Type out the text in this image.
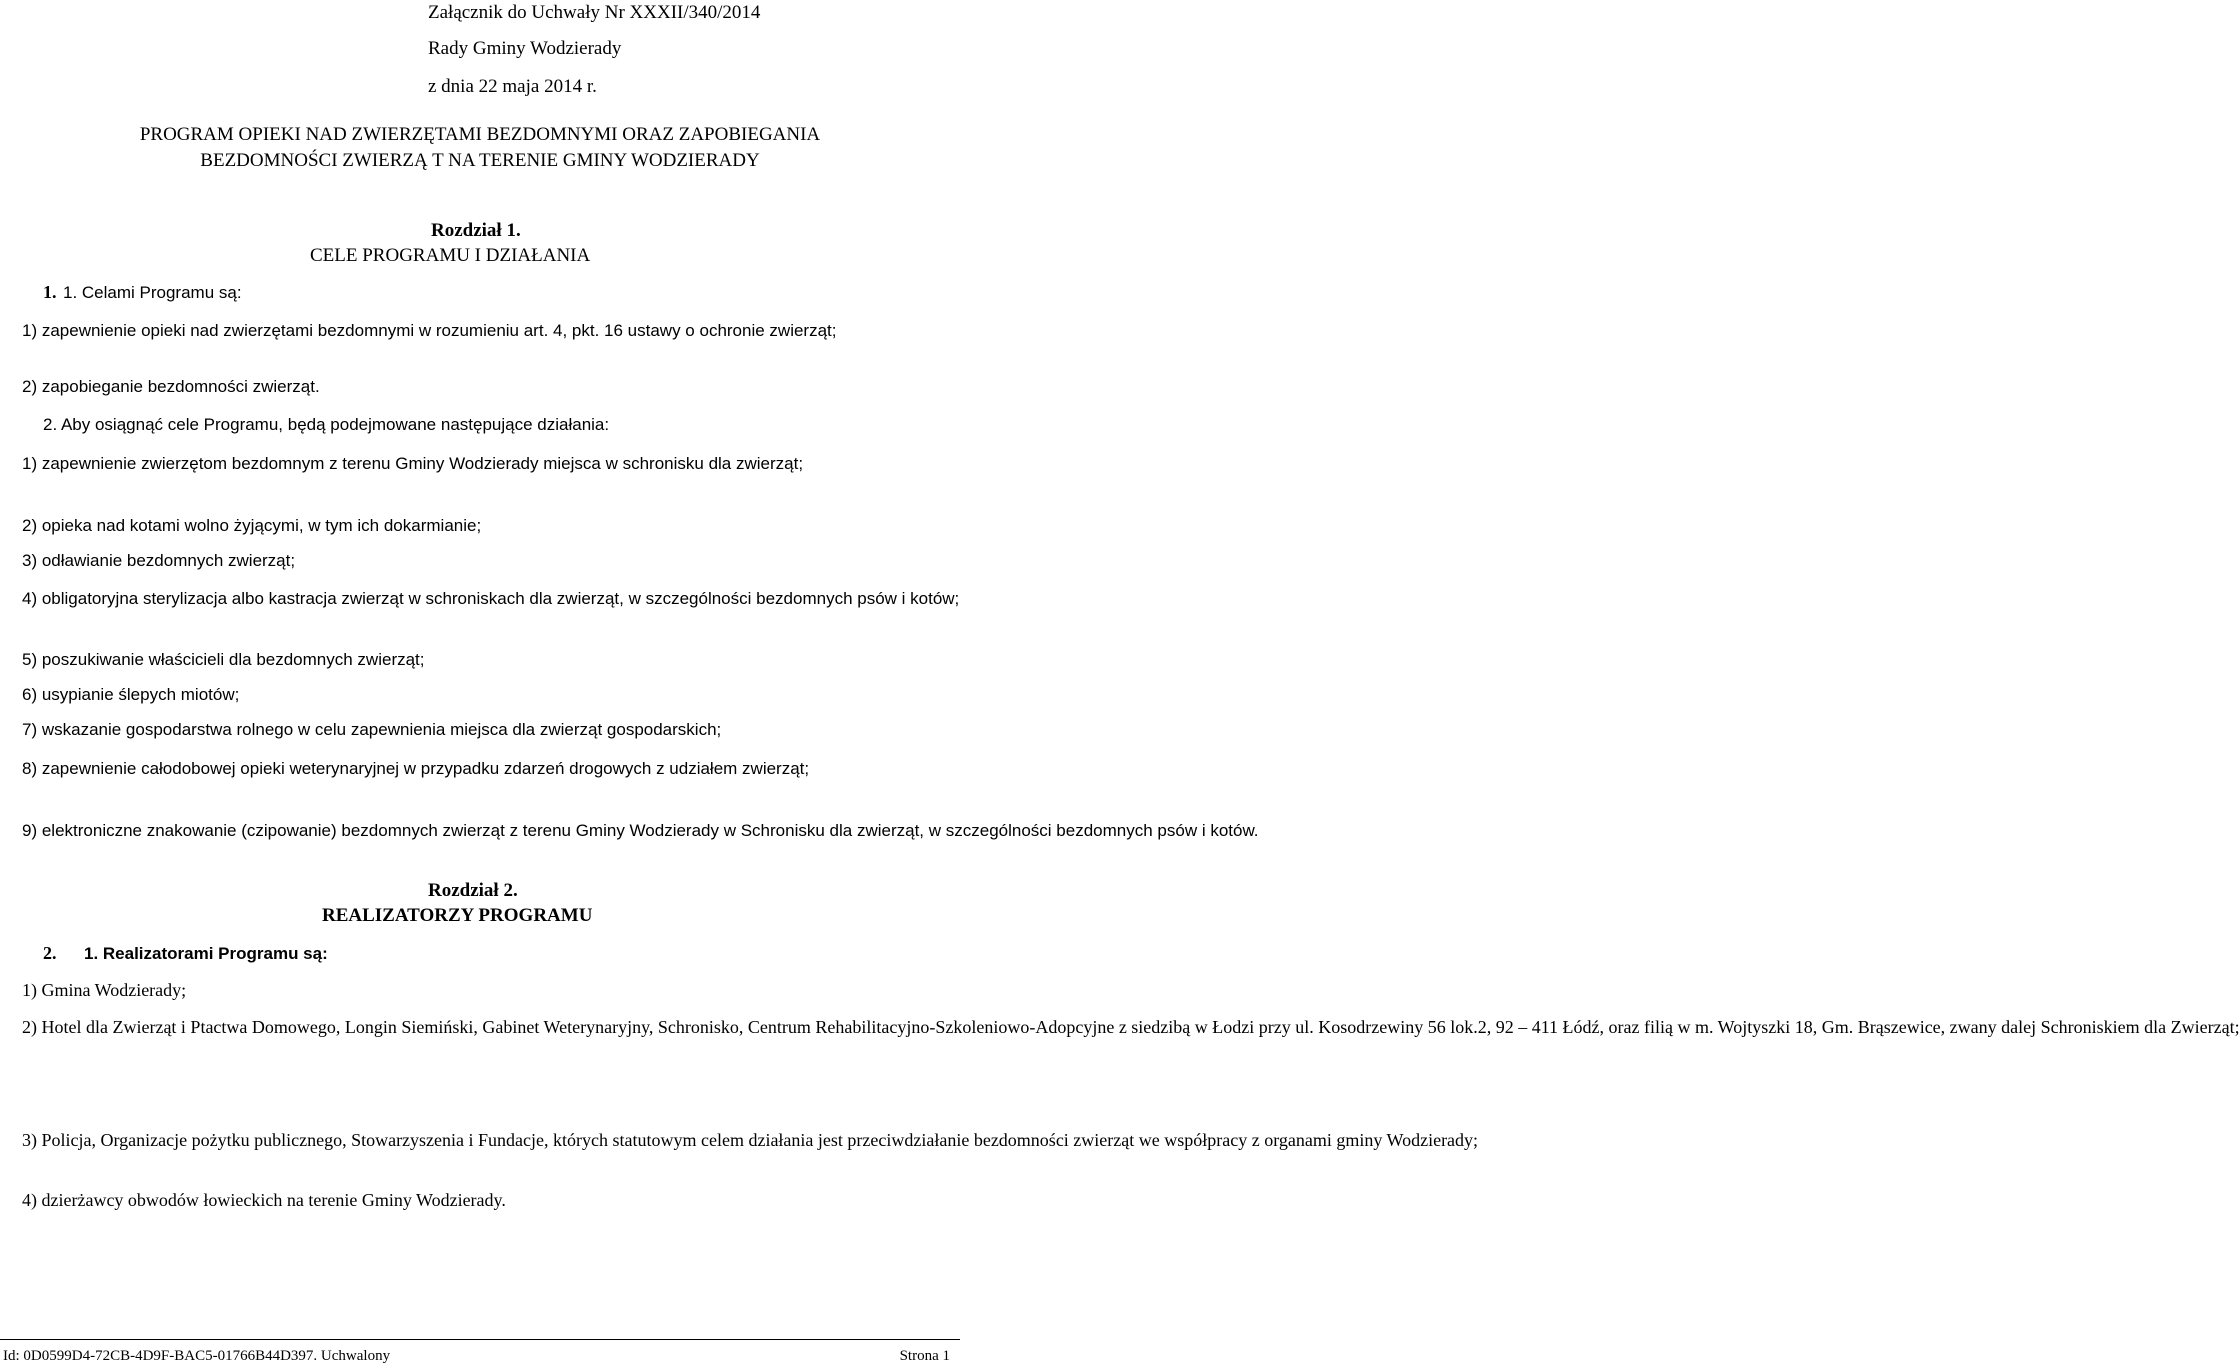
Załącznik do Uchwały Nr XXXII/340/2014
Rady Gminy Wodzierady
z dnia 22 maja 2014 r.
PROGRAM OPIEKI NAD ZWIERZĘTAMI BEZDOMNYMI ORAZ ZAPOBIEGANIA
BEZDOMNOŚCI ZWIERZĄ T NA TERENIE GMINY WODZIERADY
Rozdział 1.
CELE PROGRAMU I DZIAŁANIA
1. 1. Celami Programu są:
1) zapewnienie opieki nad zwierzętami bezdomnymi w rozumieniu art. 4, pkt. 16 ustawy o ochronie zwierząt;
2) zapobieganie bezdomności zwierząt.
2. Aby osiągnąć cele Programu, będą podejmowane następujące działania:
1) zapewnienie zwierzętom bezdomnym z terenu Gminy Wodzierady miejsca w schronisku dla zwierząt;
2) opieka nad kotami wolno żyjącymi, w tym ich dokarmianie;
3) odławianie bezdomnych zwierząt;
4) obligatoryjna sterylizacja albo kastracja zwierząt w schroniskach dla zwierząt, w szczególności bezdomnych psów i kotów;
5) poszukiwanie właścicieli dla bezdomnych zwierząt;
6) usypianie ślepych miotów;
7) wskazanie gospodarstwa rolnego w celu zapewnienia miejsca dla zwierząt gospodarskich;
8) zapewnienie całodobowej opieki weterynaryjnej w przypadku zdarzeń drogowych z udziałem zwierząt;
9) elektroniczne znakowanie (czipowanie) bezdomnych zwierząt z terenu Gminy Wodzierady w Schronisku dla zwierząt, w szczególności bezdomnych psów i kotów.
Rozdział 2.
REALIZATORZY PROGRAMU
2. 1. Realizatorami Programu są:
1) Gmina Wodzierady;
2) Hotel dla Zwierząt i Ptactwa Domowego, Longin Siemiński, Gabinet Weterynaryjny, Schronisko, Centrum Rehabilitacyjno-Szkoleniowo-Adopcyjne z siedzibą w Łodzi przy ul. Kosodrzewiny 56 lok.2, 92 – 411 Łódź, oraz filią w m. Wojtyszki 18, Gm. Brąszewice, zwany dalej Schroniskiem dla Zwierząt;
3) Policja, Organizacje pożytku publicznego, Stowarzyszenia i Fundacje, których statutowym celem działania jest przeciwdziałanie bezdomności zwierząt we współpracy z organami gminy Wodzierady;
4) dzierżawcy obwodów łowieckich na terenie Gminy Wodzierady.
Id: 0D0599D4-72CB-4D9F-BAC5-01766B44D397. Uchwalony	Strona 1
